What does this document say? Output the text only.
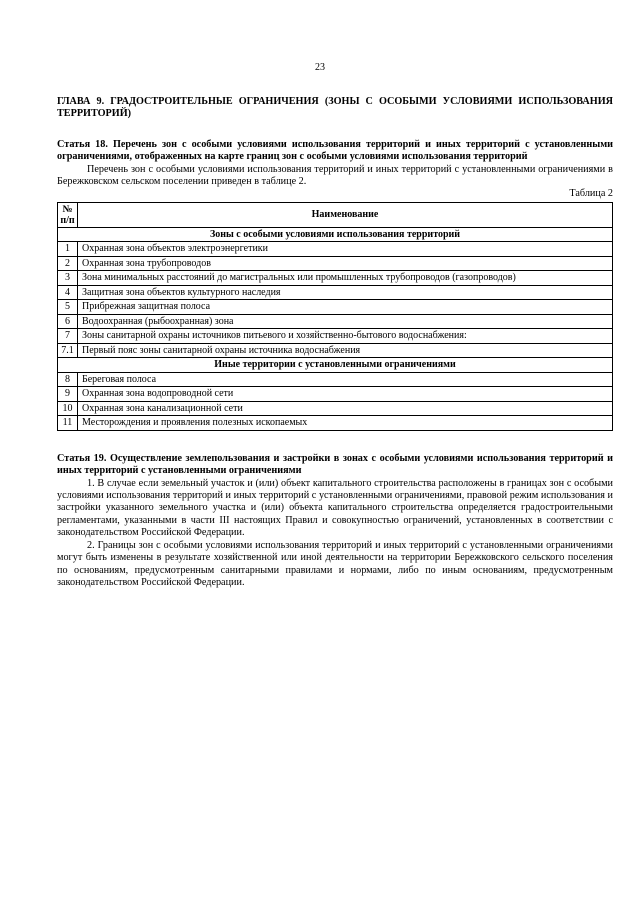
23

ГЛАВА 9. ГРАДОСТРОИТЕЛЬНЫЕ ОГРАНИЧЕНИЯ (ЗОНЫ С ОСОБЫМИ УСЛОВИЯМИ ИСПОЛЬЗОВАНИЯ ТЕРРИТОРИЙ)

Статья 18. Перечень зон с особыми условиями использования территорий и иных территорий с установленными ограничениями, отображенных на карте границ зон с особыми условиями использования территорий

Перечень зон с особыми условиями использования территорий и иных территорий с установленными ограничениями в Бережковском сельском поселении приведен в таблице 2.

Таблица 2

№ п/п	Наименование
Зоны с особыми условиями использования территорий	
1	Охранная зона объектов электроэнергетики
2	Охранная зона трубопроводов
3	Зона минимальных расстояний до магистральных или промышленных трубопроводов (газопроводов)
4	Защитная зона объектов культурного наследия
5	Прибрежная защитная полоса
6	Водоохранная (рыбоохранная) зона
7	Зоны санитарной охраны источников питьевого и хозяйственно-бытового водоснабжения:
7.1	Первый пояс зоны санитарной охраны источника водоснабжения
Иные территории с установленными ограничениями	
8	Береговая полоса
9	Охранная зона водопроводной сети
10	Охранная зона канализационной сети
11	Месторождения и проявления полезных ископаемых

Статья 19. Осуществление землепользования и застройки в зонах с особыми условиями использования территорий и иных территорий с установленными ограничениями

1. В случае если земельный участок и (или) объект капитального строительства расположены в границах зон с особыми условиями использования территорий и иных территорий с установленными ограничениями, правовой режим использования и застройки указанного земельного участка и (или) объекта капитального строительства определяется градостроительными регламентами, указанными в части III настоящих Правил и совокупностью ограничений, установленных в соответствии с законодательством Российской Федерации.

2. Границы зон с особыми условиями использования территорий и иных территорий с установленными ограничениями могут быть изменены в результате хозяйственной или иной деятельности на территории Бережковского сельского поселения по основаниям, предусмотренным санитарными правилами и нормами, либо по иным основаниям, предусмотренным законодательством Российской Федерации.
